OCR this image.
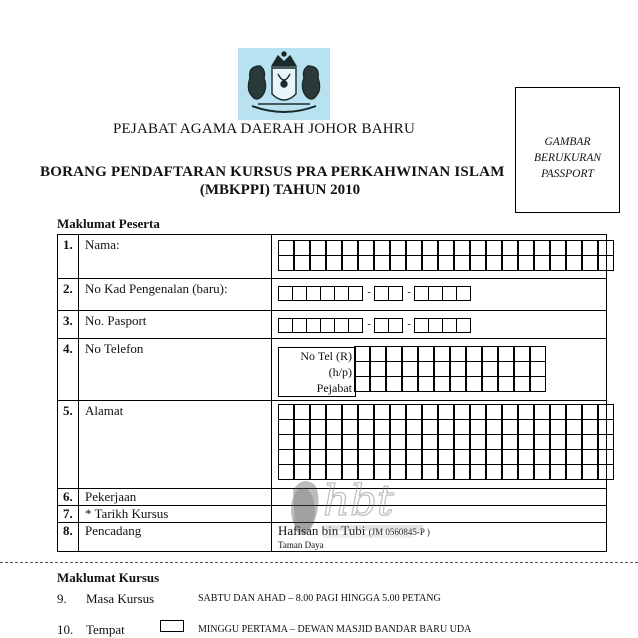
PEJABAT AGAMA DAERAH JOHOR BAHRU
BORANG PENDAFTARAN KURSUS PRA PERKAHWINAN ISLAM
(MBKPPI) TAHUN 2010
GAMBAR
BERUKURAN
PASSPORT
Maklumat Peserta
1. Nama:
2. No Kad Pengenalan (baru):	-	-
3. No. Pasport	-	-
4. No Telefon	No Tel (R)
(h/p)
Pejabat
5. Alamat
6. Pekerjaan
7. * Tarikh Kursus
8. Pencadang	Hafisan bin Tubi (JM 0560845-P )
Taman Daya
hbt
Maklumat Kursus
9. Masa Kursus	SABTU DAN AHAD – 8.00 PAGI HINGGA 5.00 PETANG
10. Tempat	MINGGU PERTAMA – DEWAN MASJID BANDAR BARU UDA
